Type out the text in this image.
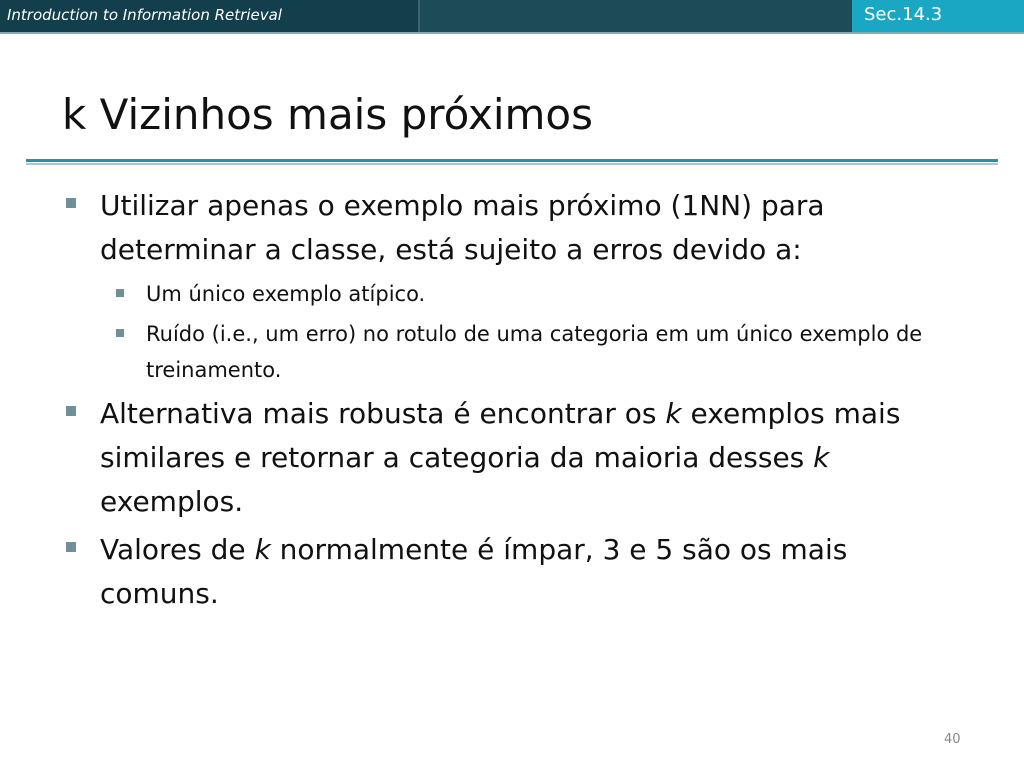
Introduction to Information Retrieval	Sec.14.3
k Vizinhos mais próximos
Utilizar apenas o exemplo mais próximo (1NN) para determinar a classe, está sujeito a erros devido a:
Um único exemplo atípico.
Ruído (i.e., um erro) no rotulo de uma categoria em um único exemplo de treinamento.
Alternativa mais robusta é encontrar os k exemplos mais similares e retornar a categoria da maioria desses k exemplos.
Valores de k normalmente é ímpar, 3 e 5 são os mais comuns.
40
